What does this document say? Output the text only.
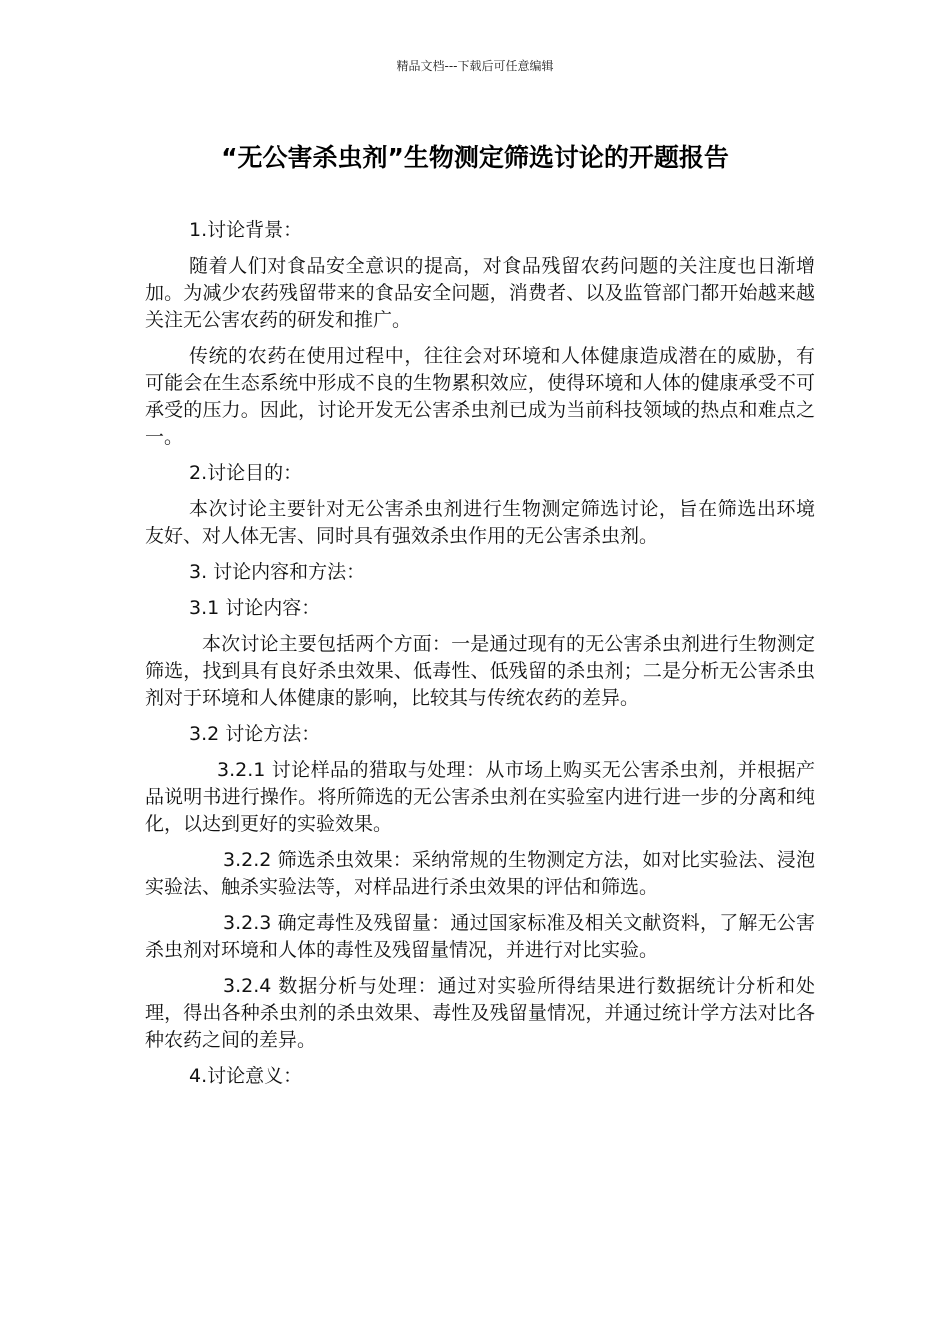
精品文档---下载后可任意编辑
“无公害杀虫剂”生物测定筛选讨论的开题报告

1.讨论背景：

随着人们对食品安全意识的提高，对食品残留农药问题的关注度也日渐增加。为减少农药残留带来的食品安全问题，消费者、以及监管部门都开始越来越关注无公害农药的研发和推广。

传统的农药在使用过程中，往往会对环境和人体健康造成潜在的威胁，有可能会在生态系统中形成不良的生物累积效应，使得环境和人体的健康承受不可承受的压力。因此，讨论开发无公害杀虫剂已成为当前科技领域的热点和难点之一。

2.讨论目的：

本次讨论主要针对无公害杀虫剂进行生物测定筛选讨论，旨在筛选出环境友好、对人体无害、同时具有强效杀虫作用的无公害杀虫剂。

3. 讨论内容和方法：

3.1 讨论内容：

本次讨论主要包括两个方面：一是通过现有的无公害杀虫剂进行生物测定筛选，找到具有良好杀虫效果、低毒性、低残留的杀虫剂；二是分析无公害杀虫剂对于环境和人体健康的影响，比较其与传统农药的差异。

3.2 讨论方法：

3.2.1 讨论样品的猎取与处理：从市场上购买无公害杀虫剂，并根据产品说明书进行操作。将所筛选的无公害杀虫剂在实验室内进行进一步的分离和纯化，以达到更好的实验效果。

3.2.2 筛选杀虫效果：采纳常规的生物测定方法，如对比实验法、浸泡实验法、触杀实验法等，对样品进行杀虫效果的评估和筛选。

3.2.3 确定毒性及残留量：通过国家标准及相关文献资料，了解无公害杀虫剂对环境和人体的毒性及残留量情况，并进行对比实验。

3.2.4 数据分析与处理：通过对实验所得结果进行数据统计分析和处理，得出各种杀虫剂的杀虫效果、毒性及残留量情况，并通过统计学方法对比各种农药之间的差异。

4.讨论意义：
